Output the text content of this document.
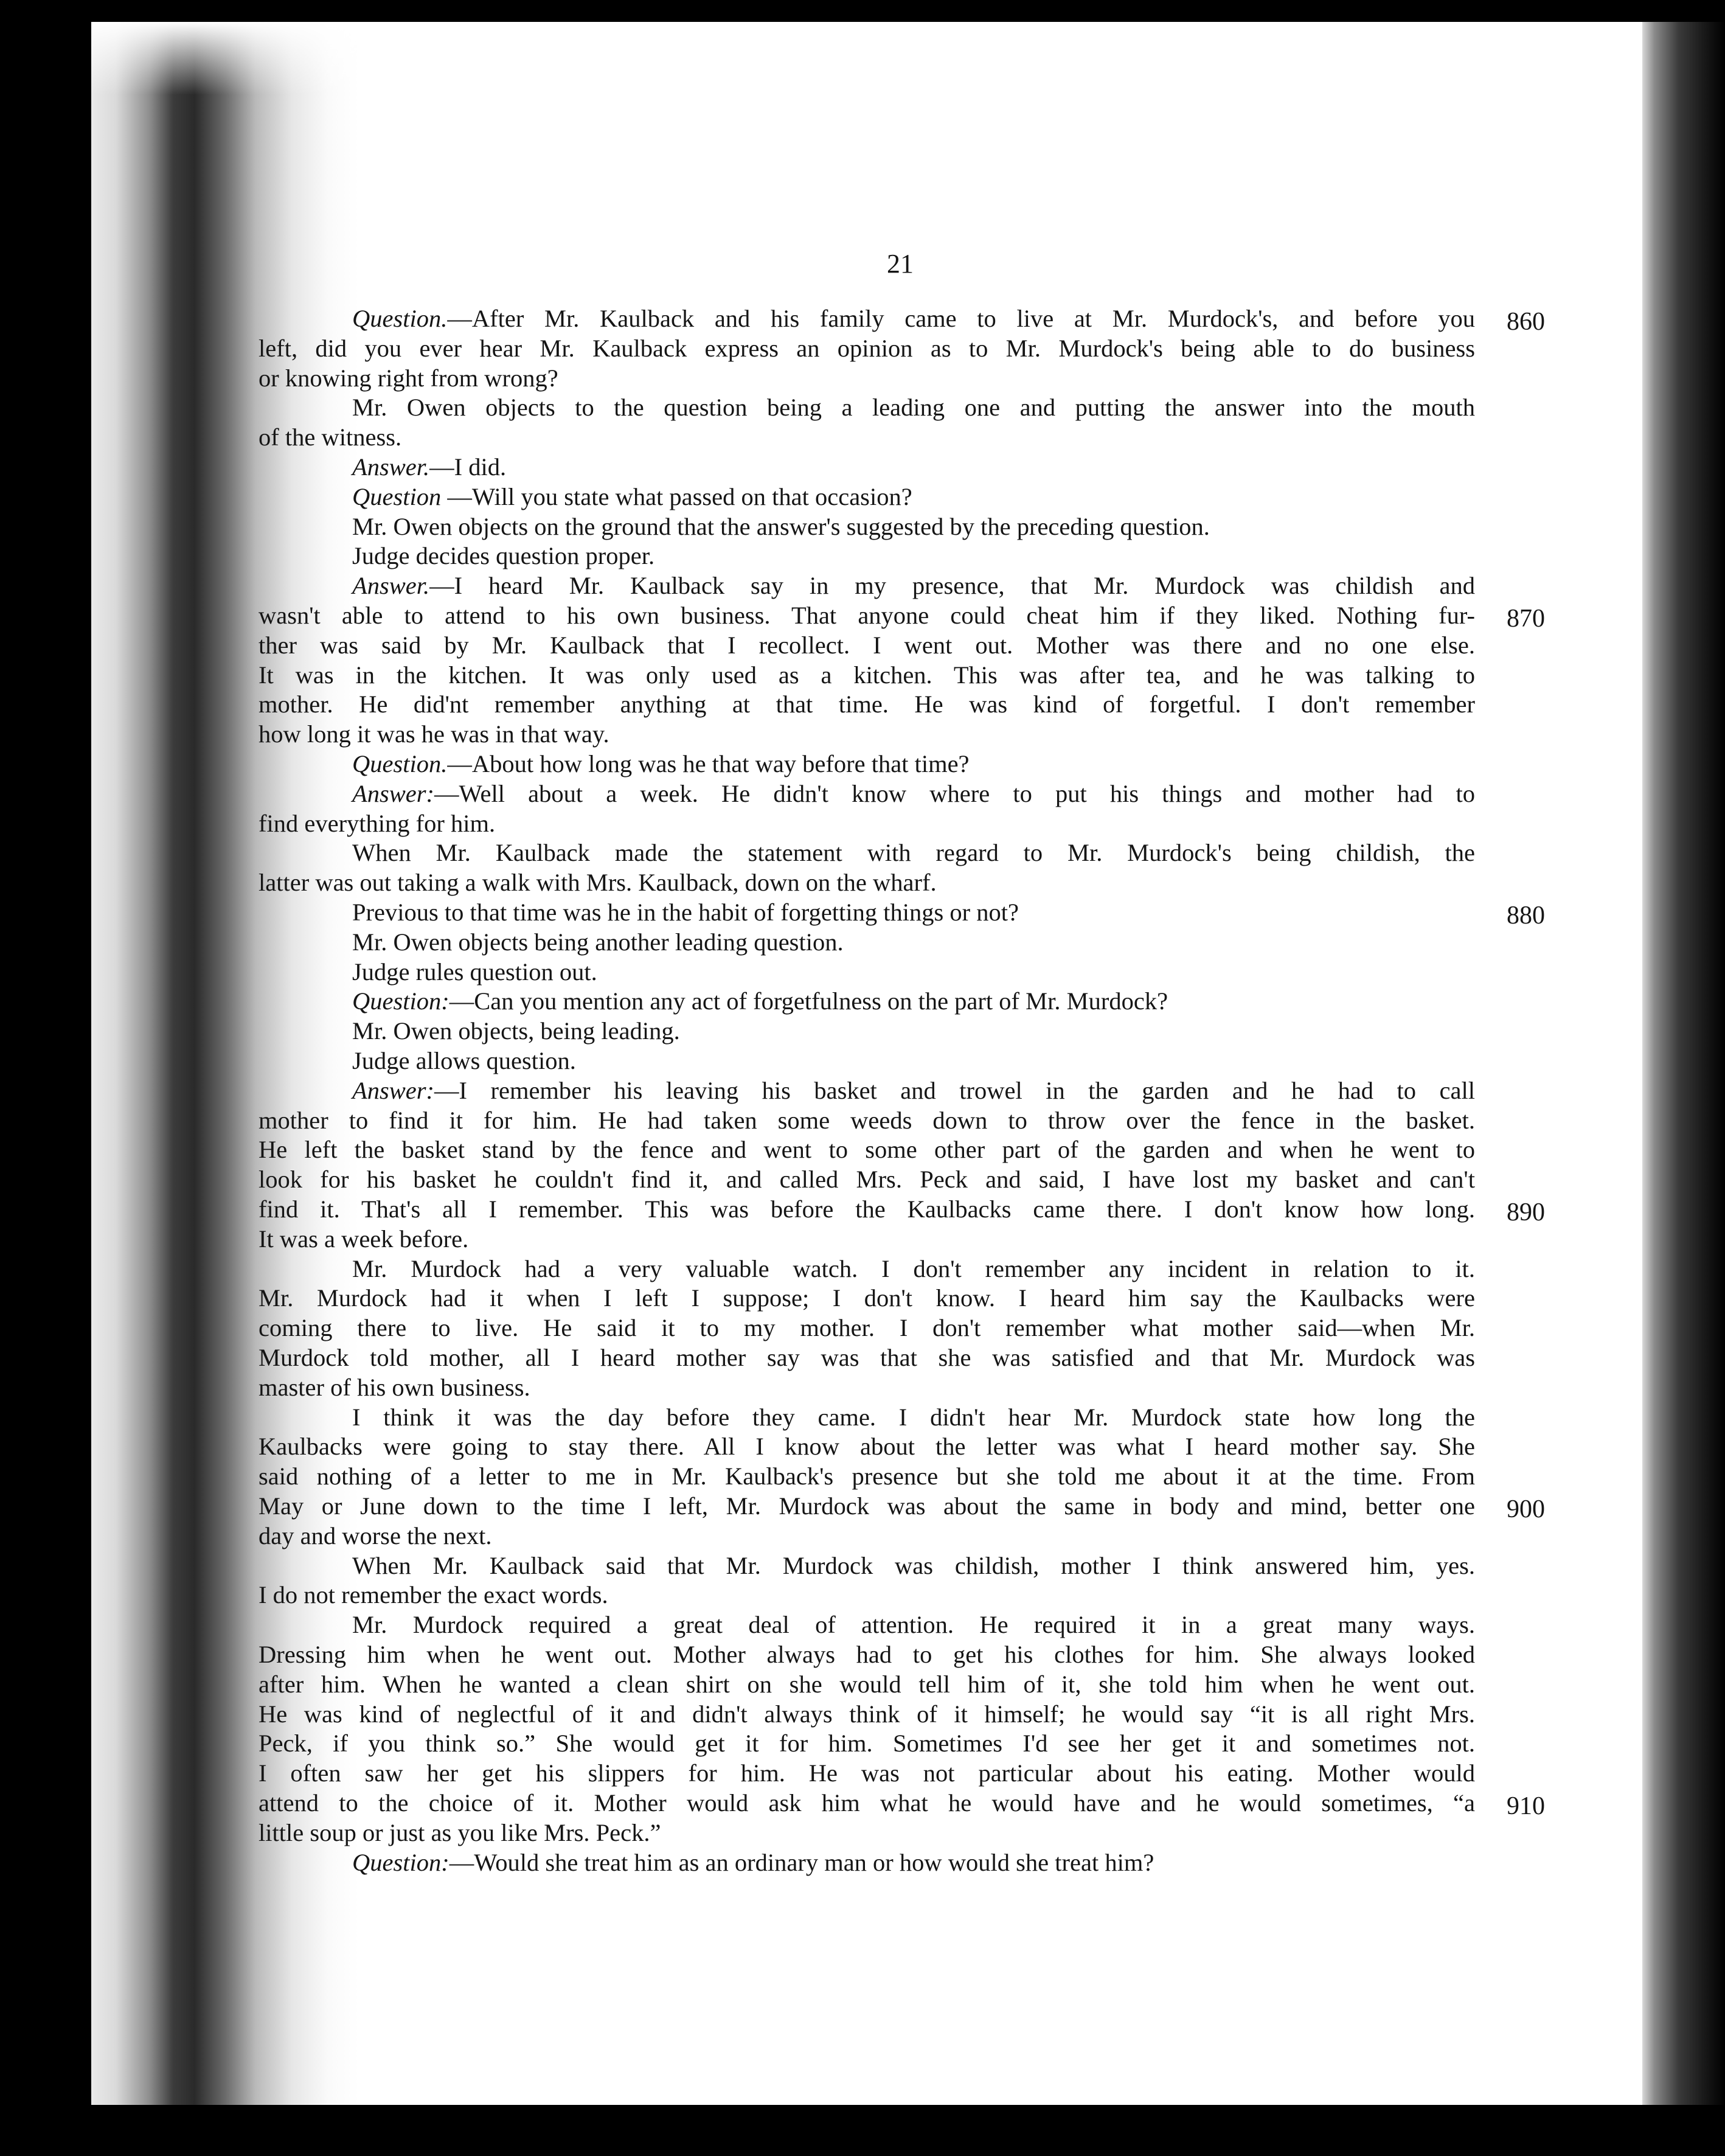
21
Question.—After Mr. Kaulback and his family came to live at Mr. Murdock's, and before you
left, did you ever hear Mr. Kaulback express an opinion as to Mr. Murdock's being able to do business
or knowing right from wrong?
Mr. Owen objects to the question being a leading one and putting the answer into the mouth
of the witness.
Answer.—I did.
Question —Will you state what passed on that occasion?
Mr. Owen objects on the ground that the answer's suggested by the preceding question.
Judge decides question proper.
Answer.—I heard Mr. Kaulback say in my presence, that Mr. Murdock was childish and
wasn't able to attend to his own business. That anyone could cheat him if they liked. Nothing fur-
ther was said by Mr. Kaulback that I recollect. I went out. Mother was there and no one else.
It was in the kitchen. It was only used as a kitchen. This was after tea, and he was talking to
mother. He did'nt remember anything at that time. He was kind of forgetful. I don't remember
how long it was he was in that way.
Question.—About how long was he that way before that time?
Answer:—Well about a week. He didn't know where to put his things and mother had to
find everything for him.
When Mr. Kaulback made the statement with regard to Mr. Murdock's being childish, the
latter was out taking a walk with Mrs. Kaulback, down on the wharf.
Previous to that time was he in the habit of forgetting things or not?
Mr. Owen objects being another leading question.
Judge rules question out.
Question:—Can you mention any act of forgetfulness on the part of Mr. Murdock?
Mr. Owen objects, being leading.
Judge allows question.
Answer:—I remember his leaving his basket and trowel in the garden and he had to call
mother to find it for him. He had taken some weeds down to throw over the fence in the basket.
He left the basket stand by the fence and went to some other part of the garden and when he went to
look for his basket he couldn't find it, and called Mrs. Peck and said, I have lost my basket and can't
find it. That's all I remember. This was before the Kaulbacks came there. I don't know how long.
It was a week before.
Mr. Murdock had a very valuable watch. I don't remember any incident in relation to it.
Mr. Murdock had it when I left I suppose; I don't know. I heard him say the Kaulbacks were
coming there to live. He said it to my mother. I don't remember what mother said—when Mr.
Murdock told mother, all I heard mother say was that she was satisfied and that Mr. Murdock was
master of his own business.
I think it was the day before they came. I didn't hear Mr. Murdock state how long the
Kaulbacks were going to stay there. All I know about the letter was what I heard mother say. She
said nothing of a letter to me in Mr. Kaulback's presence but she told me about it at the time. From
May or June down to the time I left, Mr. Murdock was about the same in body and mind, better one
day and worse the next.
When Mr. Kaulback said that Mr. Murdock was childish, mother I think answered him, yes.
I do not remember the exact words.
Mr. Murdock required a great deal of attention. He required it in a great many ways.
Dressing him when he went out. Mother always had to get his clothes for him. She always looked
after him. When he wanted a clean shirt on she would tell him of it, she told him when he went out.
He was kind of neglectful of it and didn't always think of it himself; he would say “it is all right Mrs.
Peck, if you think so.” She would get it for him. Sometimes I'd see her get it and sometimes not.
I often saw her get his slippers for him. He was not particular about his eating. Mother would
attend to the choice of it. Mother would ask him what he would have and he would sometimes, “a
little soup or just as you like Mrs. Peck.”
Question:—Would she treat him as an ordinary man or how would she treat him?
860
870
880
890
900
910
